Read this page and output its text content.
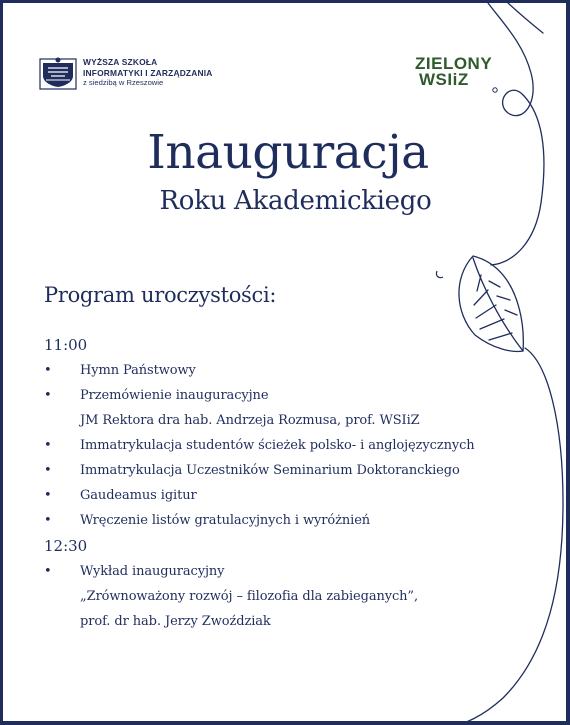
WYŻSZA SZKOŁA
INFORMATYKI I ZARZĄDZANIA
z siedzibą w Rzeszowie
ZIELONY
WSIiZ
Inauguracja
Roku Akademickiego
Program uroczystości:
11:00
•	Hymn Państwowy
•	Przemówienie inauguracyjne
JM Rektora dra hab. Andrzeja Rozmusa, prof. WSIiZ
•	Immatrykulacja studentów ścieżek polsko- i anglojęzycznych
•	Immatrykulacja Uczestników Seminarium Doktoranckiego
•	Gaudeamus igitur
•	Wręczenie listów gratulacyjnych i wyróżnień
12:30
•	Wykład inauguracyjny
„Zrównoważony rozwój – filozofia dla zabieganych”,
prof. dr hab. Jerzy Zwoździak
